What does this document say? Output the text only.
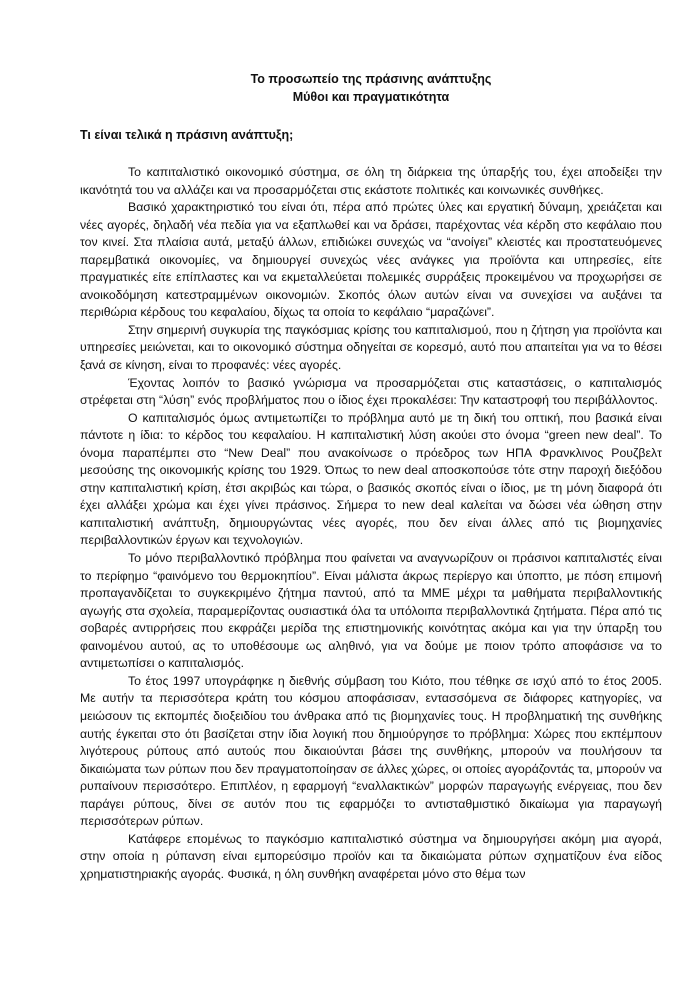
Το προσωπείο της πράσινης ανάπτυξης
Μύθοι και πραγματικότητα
Τι είναι τελικά η πράσινη ανάπτυξη;

Το καπιταλιστικό οικονομικό σύστημα, σε όλη τη διάρκεια της ύπαρξής του, έχει αποδείξει την ικανότητά του να αλλάζει και να προσαρμόζεται στις εκάστοτε πολιτικές και κοινωνικές συνθήκες.

Βασικό χαρακτηριστικό του είναι ότι, πέρα από πρώτες ύλες και εργατική δύναμη, χρειάζεται και νέες αγορές, δηλαδή νέα πεδία για να εξαπλωθεί και να δράσει, παρέχοντας νέα κέρδη στο κεφάλαιο που τον κινεί. Στα πλαίσια αυτά, μεταξύ άλλων, επιδιώκει συνεχώς να “ανοίγει” κλειστές και προστατευόμενες παρεμβατικά οικονομίες, να δημιουργεί συνεχώς νέες ανάγκες για προϊόντα και υπηρεσίες, είτε πραγματικές είτε επίπλαστες και να εκμεταλλεύεται πολεμικές συρράξεις προκειμένου να προχωρήσει σε ανοικοδόμηση κατεστραμμένων οικονομιών. Σκοπός όλων αυτών είναι να συνεχίσει να αυξάνει τα περιθώρια κέρδους του κεφαλαίου, δίχως τα οποία το κεφάλαιο “μαραζώνει”.

Στην σημερινή συγκυρία της παγκόσμιας κρίσης του καπιταλισμού, που η ζήτηση για προϊόντα και υπηρεσίες μειώνεται, και το οικονομικό σύστημα οδηγείται σε κορεσμό, αυτό που απαιτείται για να το θέσει ξανά σε κίνηση, είναι το προφανές: νέες αγορές.

Έχοντας λοιπόν το βασικό γνώρισμα να προσαρμόζεται στις καταστάσεις, ο καπιταλισμός στρέφεται στη “λύση” ενός προβλήματος που ο ίδιος έχει προκαλέσει: Την καταστροφή του περιβάλλοντος.

Ο καπιταλισμός όμως αντιμετωπίζει το πρόβλημα αυτό με τη δική του οπτική, που βασικά είναι πάντοτε η ίδια: το κέρδος του κεφαλαίου. Η καπιταλιστική λύση ακούει στο όνομα “green new deal”. Το όνομα παραπέμπει στο “New Deal” που ανακοίνωσε ο πρόεδρος των ΗΠΑ Φρανκλινος Ρουζβελτ μεσούσης της οικονομικής κρίσης του 1929. Όπως το new deal αποσκοπούσε τότε στην παροχή διεξόδου στην καπιταλιστική κρίση, έτσι ακριβώς και τώρα, ο βασικός σκοπός είναι ο ίδιος, με τη μόνη διαφορά ότι έχει αλλάξει χρώμα και έχει γίνει πράσινος. Σήμερα το new deal καλείται να δώσει νέα ώθηση στην καπιταλιστική ανάπτυξη, δημιουργώντας νέες αγορές, που δεν είναι άλλες από τις βιομηχανίες περιβαλλοντικών έργων και τεχνολογιών.

Το μόνο περιβαλλοντικό πρόβλημα που φαίνεται να αναγνωρίζουν οι πράσινοι καπιταλιστές είναι το περίφημο “φαινόμενο του θερμοκηπίου”. Είναι μάλιστα άκρως περίεργο και ύποπτο, με πόση επιμονή προπαγανδίζεται το συγκεκριμένο ζήτημα παντού, από τα ΜΜΕ μέχρι τα μαθήματα περιβαλλοντικής αγωγής στα σχολεία, παραμερίζοντας ουσιαστικά όλα τα υπόλοιπα περιβαλλοντικά ζητήματα. Πέρα από τις σοβαρές αντιρρήσεις που εκφράζει μερίδα της επιστημονικής κοινότητας ακόμα και για την ύπαρξη του φαινομένου αυτού, ας το υποθέσουμε ως αληθινό, για να δούμε με ποιον τρόπο αποφάσισε να το αντιμετωπίσει ο καπιταλισμός.

Το έτος 1997 υπογράφηκε η διεθνής σύμβαση του Κιότο, που τέθηκε σε ισχύ από το έτος 2005. Με αυτήν τα περισσότερα κράτη του κόσμου αποφάσισαν, εντασσόμενα σε διάφορες κατηγορίες, να μειώσουν τις εκπομπές διοξειδίου του άνθρακα από τις βιομηχανίες τους. Η προβληματική της συνθήκης αυτής έγκειται στο ότι βασίζεται στην ίδια λογική που δημιούργησε το πρόβλημα: Χώρες που εκπέμπουν λιγότερους ρύπους από αυτούς που δικαιούνται βάσει της συνθήκης, μπορούν να πουλήσουν τα δικαιώματα των ρύπων που δεν πραγματοποίησαν σε άλλες χώρες, οι οποίες αγοράζοντάς τα, μπορούν να ρυπαίνουν περισσότερο. Επιπλέον, η εφαρμογή “εναλλακτικών” μορφών παραγωγής ενέργειας, που δεν παράγει ρύπους, δίνει σε αυτόν που τις εφαρμόζει το αντισταθμιστικό δικαίωμα για παραγωγή περισσότερων ρύπων.

Κατάφερε επομένως το παγκόσμιο καπιταλιστικό σύστημα να δημιουργήσει ακόμη μια αγορά, στην οποία η ρύπανση είναι εμπορεύσιμο προϊόν και τα δικαιώματα ρύπων σχηματίζουν ένα είδος χρηματιστηριακής αγοράς. Φυσικά, η όλη συνθήκη αναφέρεται μόνο στο θέμα των
